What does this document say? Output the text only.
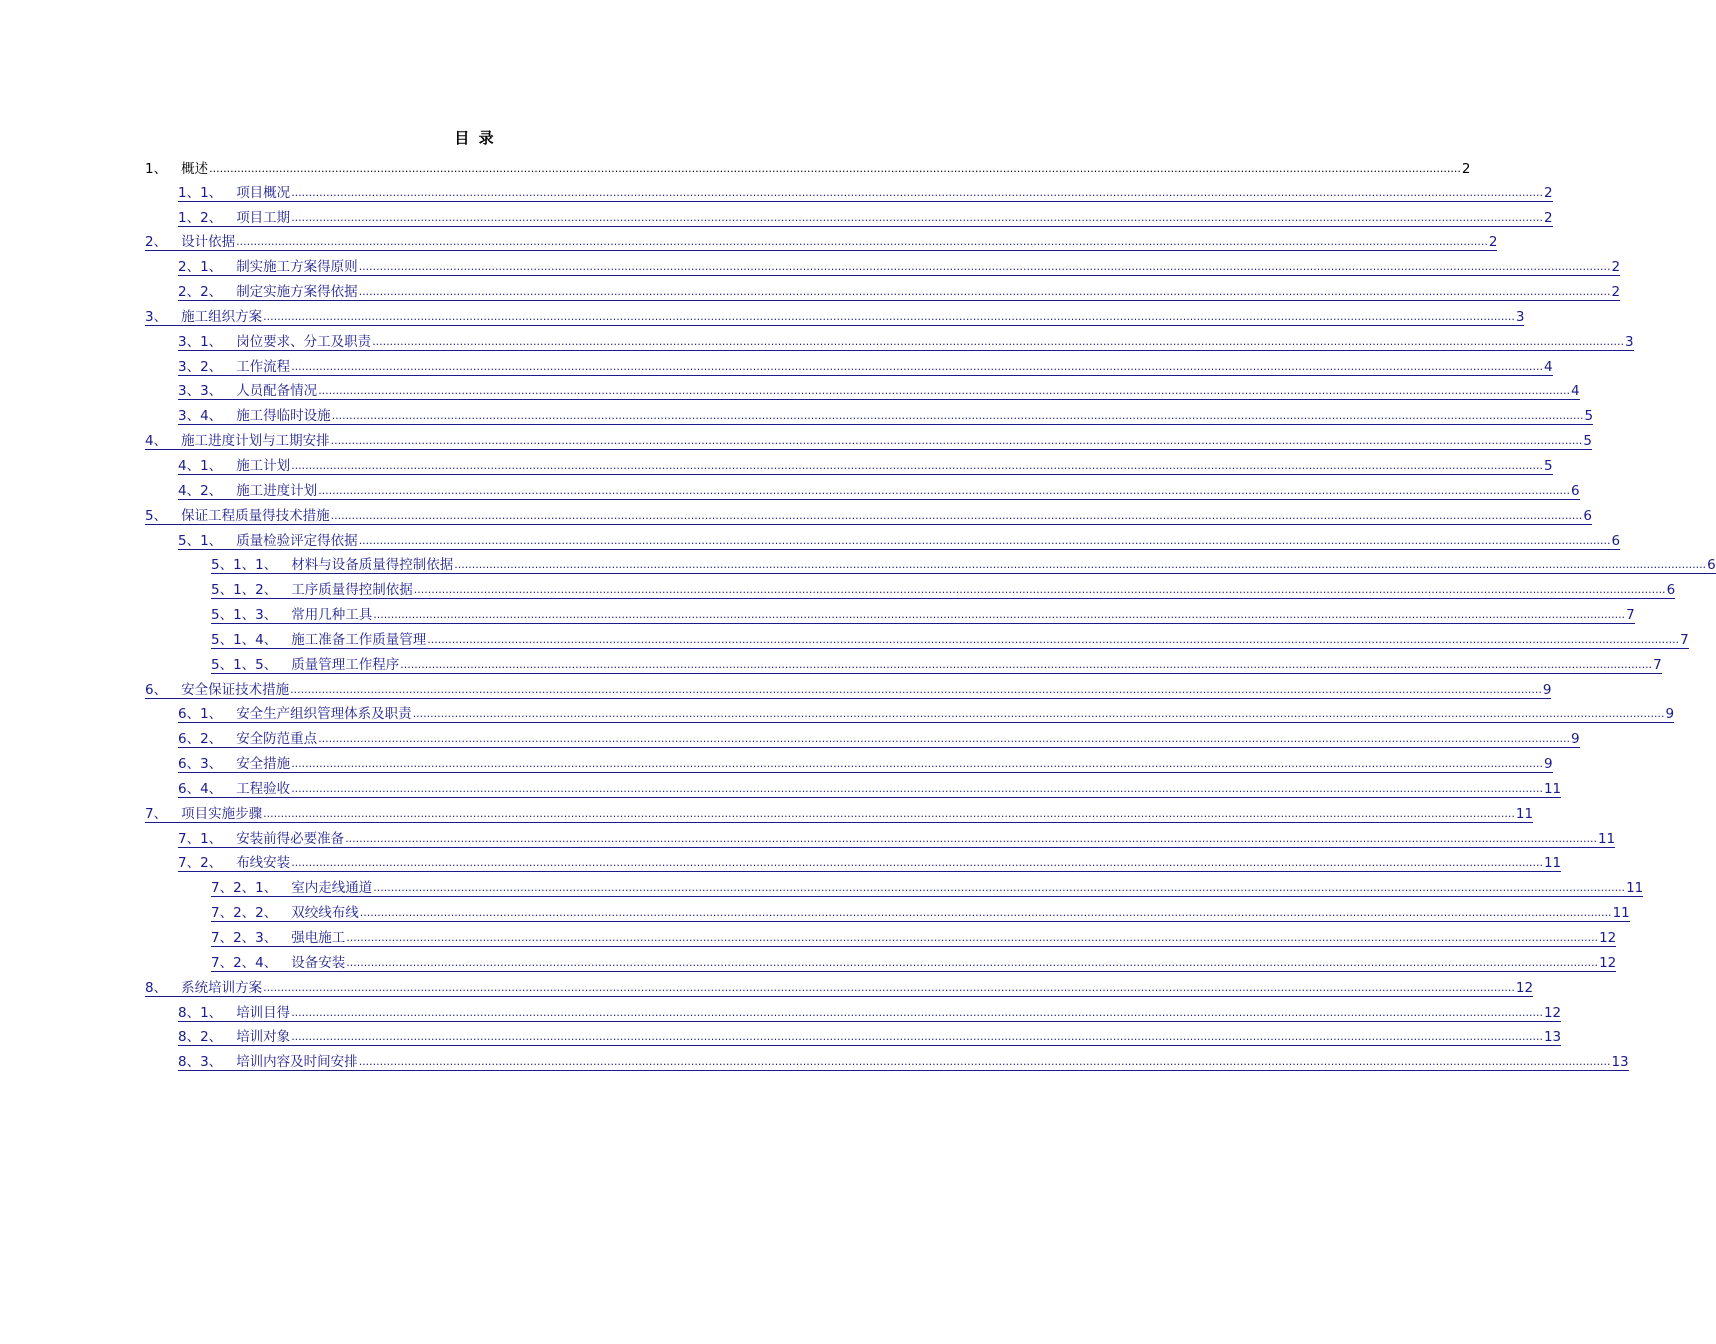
目 录
1、 概述 .....	2
1、1、 项目概况 .....	2
1、2、 项目工期 .....	2
2、 设计依据 .....	2
2、1、 制实施工方案得原则 .....	2
2、2、 制定实施方案得依据 .....	2
3、 施工组织方案 .....	3
3、1、 岗位要求、分工及职责 .....	3
3、2、 工作流程 .....	4
3、3、 人员配备情况 .....	4
3、4、 施工得临时设施 .....	5
4、 施工进度计划与工期安排 .....	5
4、1、 施工计划 .....	5
4、2、 施工进度计划 .....	6
5、 保证工程质量得技术措施 .....	6
5、1、 质量检验评定得依据 .....	6
5、1、1、 材料与设备质量得控制依据 .....	6
5、1、2、 工序质量得控制依据 .....	6
5、1、3、 常用几种工具 .....	7
5、1、4、 施工准备工作质量管理 .....	7
5、1、5、 质量管理工作程序 .....	7
6、 安全保证技术措施 .....	9
6、1、 安全生产组织管理体系及职责 .....	9
6、2、 安全防范重点 .....	9
6、3、 安全措施 .....	9
6、4、 工程验收 .....	11
7、 项目实施步骤 .....	11
7、1、 安装前得必要准备 .....	11
7、2、 布线安装 .....	11
7、2、1、 室内走线通道 .....	11
7、2、2、 双绞线布线 .....	11
7、2、3、 强电施工 .....	12
7、2、4、 设备安装 .....	12
8、 系统培训方案 .....	12
8、1、 培训目得 .....	12
8、2、 培训对象 .....	13
8、3、 培训内容及时间安排 .....	13
